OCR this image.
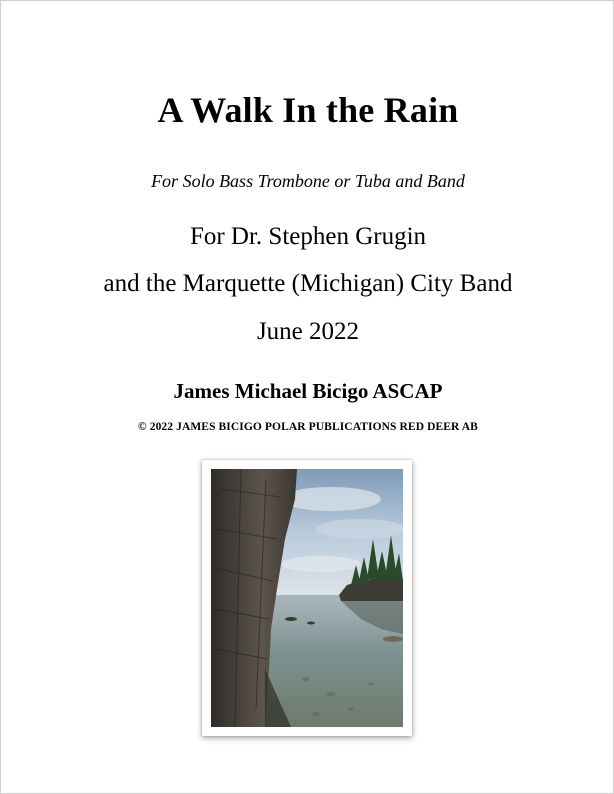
A Walk In the Rain
For Solo Bass Trombone or Tuba and Band
For Dr. Stephen Grugin
and the Marquette (Michigan) City Band
June 2022
James Michael Bicigo ASCAP
© 2022 JAMES BICIGO POLAR PUBLICATIONS RED DEER AB
